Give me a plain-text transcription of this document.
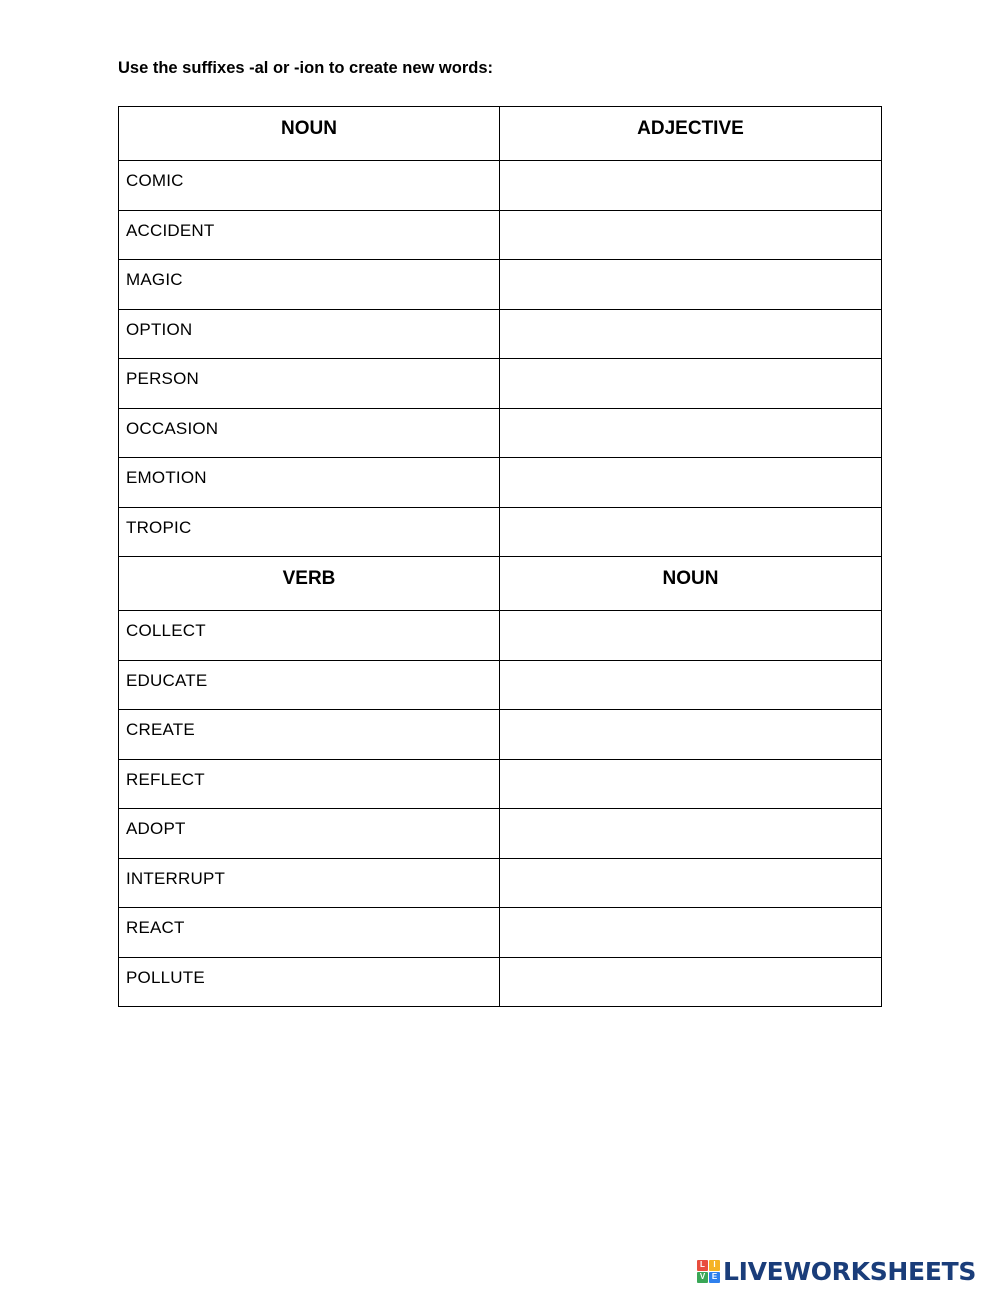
Use the suffixes -al or -ion to create new words:
NOUN	ADJECTIVE
COMIC	

ACCIDENT	

MAGIC	

OPTION	

PERSON	

OCCASION	

EMOTION	

TROPIC	

VERB	NOUN
COLLECT	

EDUCATE	

CREATE	

REFLECT	

ADOPT	

INTERRUPT	

REACT	

POLLUTE	
L	I
V E LIVEWORKSHEETS
